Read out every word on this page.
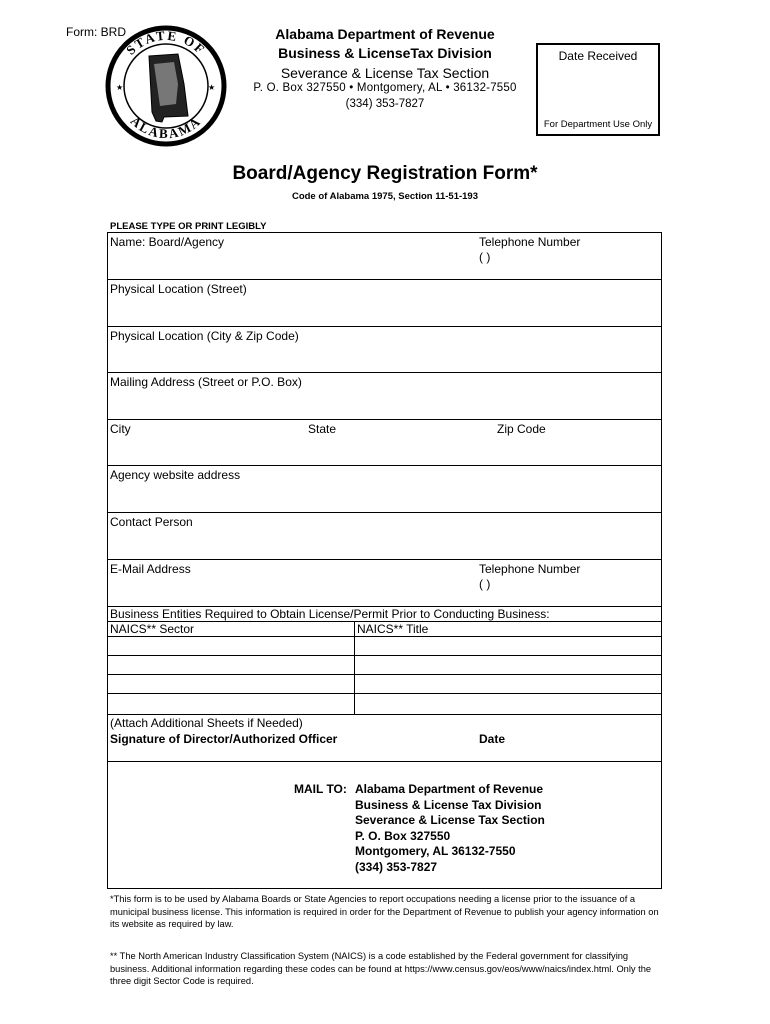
Form: BRD
STATE OF
ALABAMA
★	★
Alabama Department of Revenue
Business & LicenseTax Division
Severance & License Tax Section
P. O. Box 327550 • Montgomery, AL • 36132-7550
(334) 353-7827
Date Received
For Department Use Only
Board/Agency Registration Form*
Code of Alabama 1975, Section 11-51-193
PLEASE TYPE OR PRINT LEGIBLY
Name: Board/Agency	Telephone Number
( )
Physical Location (Street)
Physical Location (City & Zip Code)
Mailing Address (Street or P.O. Box)
City	State	Zip Code
Agency website address
Contact Person
E-Mail Address	Telephone Number
( )
Business Entities Required to Obtain License/Permit Prior to Conducting Business:
NAICS** Sector	NAICS** Title
(Attach Additional Sheets if Needed)
Signature of Director/Authorized Officer	Date
MAIL TO: Alabama Department of Revenue
Business & License Tax Division
Severance & License Tax Section
P. O. Box 327550
Montgomery, AL 36132-7550
(334) 353-7827
*This form is to be used by Alabama Boards or State Agencies to report occupations needing a license prior to the issuance of a municipal business license. This information is required in order for the Department of Revenue to publish your agency information on its website as required by law.
** The North American Industry Classification System (NAICS) is a code established by the Federal government for classifying business. Additional information regarding these codes can be found at https://www.census.gov/eos/www/naics/index.html. Only the three digit Sector Code is required.
